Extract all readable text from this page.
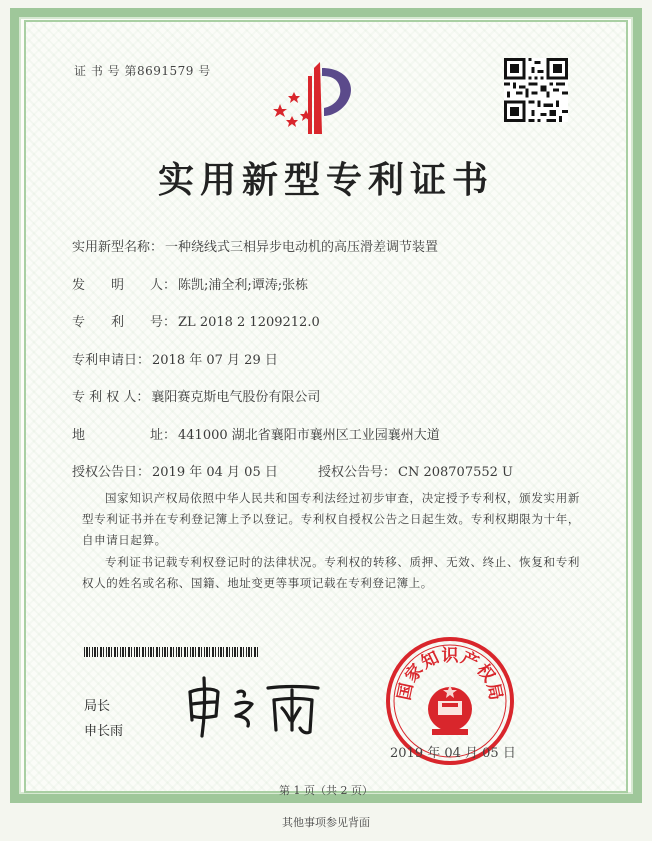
证 书 号 第8691579 号
实用新型专利证书
实用新型名称： 一种绕线式三相异步电动机的高压滑差调节装置
发　　明　　人： 陈凯;浦全利;谭涛;张栋
专　　利　　号： ZL 2018 2 1209212.0
专利申请日： 2018 年 07 月 29 日
专 利 权 人： 襄阳赛克斯电气股份有限公司
地　　　　　址： 441000 湖北省襄阳市襄州区工业园襄州大道
授权公告日： 2019 年 04 月 05 日	授权公告号： CN 208707552 U
国家知识产权局依照中华人民共和国专利法经过初步审查，决定授予专利权，颁发实用新型专利证书并在专利登记簿上予以登记。专利权自授权公告之日起生效。专利权期限为十年，自申请日起算。
专利证书记载专利权登记时的法律状况。专利权的转移、质押、无效、终止、恢复和专利权人的姓名或名称、国籍、地址变更等事项记载在专利登记簿上。
局长
申长雨
国
家
知 识 产
权
局
2019 年 04 月 05 日
第 1 页（共 2 页）
其他事项参见背面
